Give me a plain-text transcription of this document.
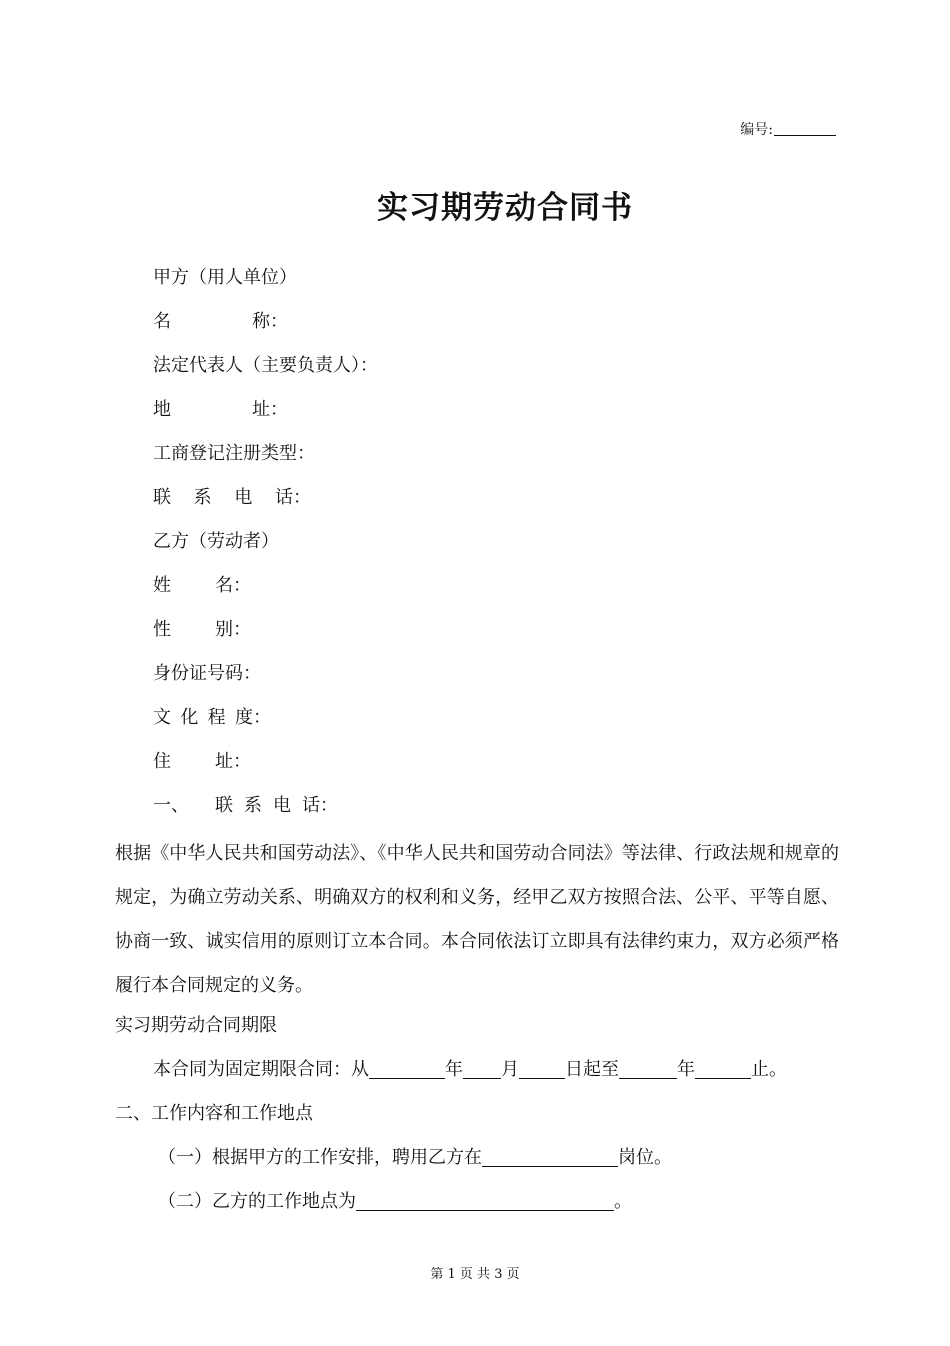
编号:
实习期劳动合同书

甲方（用人单位）

名称：

法定代表人（主要负责人）：

地址：

工商登记注册类型：

联系电话：

乙方（劳动者）

姓名：

性别：

身份证号码：

文化程度：

住址：

一、 联系电话：

根据《中华人民共和国劳动法》、《中华人民共和国劳动合同法》等法律、行政法规和规章的规定，为确立劳动关系、明确双方的权利和义务，经甲乙双方按照合法、公平、平等自愿、协商一致、诚实信用的原则订立本合同。本合同依法订立即具有法律约束力，双方必须严格履行本合同规定的义务。

实习期劳动合同期限

本合同为固定期限合同：从	年 月	日起至	年	止。

二、工作内容和工作地点

（一）根据甲方的工作安排，聘用乙方在	岗位。

（二）乙方的工作地点为	。

第 1 页 共 3 页
